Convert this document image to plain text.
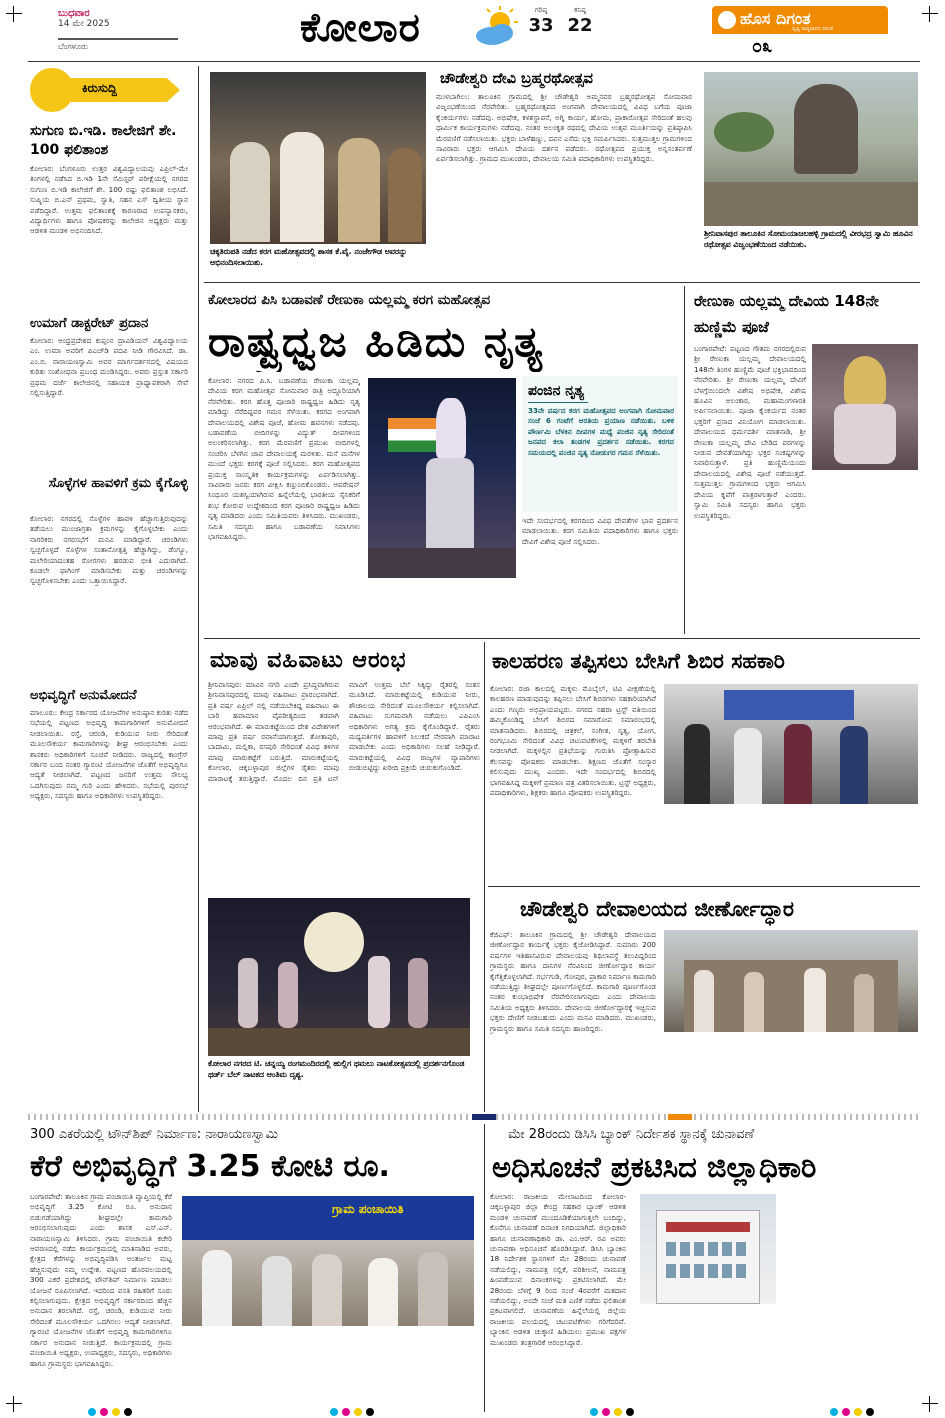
ಬುಧವಾರ
14 ಮೇ 2025
ಬೆಂಗಳೂರು	ಕೋಲಾರ	ಗರಿಷ್ಠ
33
ಕನಿಷ್ಠ
22	ಹೊಸ ದಿಗಂತ
ದೃಷ್ಟಿ ಸಾಧ್ಯವಾಗದ ದಿಗಂತ
೦೩
ಕಿರುಸುದ್ದಿ
ಸುಗುಣ ಬಿ.ಇಡಿ. ಕಾಲೇಜಿಗೆ ಶೇ. 100 ಫಲಿತಾಂಶ
ಕೋಲಾರ: ಬೆಂಗಳೂರು ಉತ್ತರ ವಿಶ್ವವಿದ್ಯಾಲಯವು ಎಪ್ರಿಲ್-ಮೇ ತಿಂಗಳಲ್ಲಿ ನಡೆಸಿದ ಬಿ.ಇಡಿ 1ನೇ ಸೆಮಿಸ್ಟರ್ ಪರೀಕ್ಷೆಯಲ್ಲಿ ನಗರದ ಸುಗುಣ ಬಿ.ಇಡಿ ಕಾಲೇಜಿಗೆ ಶೇ. 100 ರಷ್ಟು ಫಲಿತಾಂಶ ಲಭಿಸಿದೆ. ಸುಷ್ಮಿಯ ಬಿ.ಎನ್ ಪ್ರಥಮ, ಸ್ವಾತಿ, ಸಹನ ಎಸ್ ದ್ವಿತೀಯ ಸ್ಥಾನ ಪಡೆದಿದ್ದಾರೆ. ಉತ್ತಮ ಫಲಿತಾಂಶಕ್ಕೆ ಕಾರಣರಾದ ಉಪನ್ಯಾಸಕರು, ವಿದ್ಯಾರ್ಥಿಗಳು ಹಾಗೂ ಪೋಷಕರನ್ನು ಕಾಲೇಜಿನ ಅಧ್ಯಕ್ಷರು ಮತ್ತು ಆಡಳಿತ ಮಂಡಳಿ ಅಭಿನಂದಿಸಿದೆ.
ಉಮಾಗೆ ಡಾಕ್ಟರೇಟ್ ಪ್ರದಾನ
ಕೋಲಾರ: ಆಂಧ್ರಪ್ರದೇಶದ ಕುಪ್ಪಂನ ದ್ರಾವಿಡಿಯನ್ ವಿಶ್ವವಿದ್ಯಾಲಯ ಎಂ. ಉಮಾ ಅವರಿಗೆ ಪಿಎಚ್‌ಡಿ ಪದವಿ ನೀಡಿ ಗೌರವಿಸಿದೆ. ಡಾ. ಎಂ.ಬಿ. ನಾರಾಯಣಸ್ವಾಮಿ ಅವರ ಮಾರ್ಗದರ್ಶನದಲ್ಲಿ ವಿಷಯದ ಕುರಿತು ಸಂಶೋಧನಾ ಪ್ರಬಂಧ ಮಂಡಿಸಿದ್ದರು. ಅವರು ಪ್ರಸ್ತುತ ಸರ್ಕಾರಿ ಪ್ರಥಮ ದರ್ಜೆ ಕಾಲೇಜಿನಲ್ಲಿ ಸಹಾಯಕ ಪ್ರಾಧ್ಯಾಪಕರಾಗಿ ಸೇವೆ ಸಲ್ಲಿಸುತ್ತಿದ್ದಾರೆ.
ಸೊಳ್ಳೆಗಳ ಹಾವಳಿಗೆ ಕ್ರಮ ಕೈಗೊಳ್ಳಿ
ಕೋಲಾರ: ನಗರದಲ್ಲಿ ಸೊಳ್ಳೆಗಳ ಹಾವಳಿ ಹೆಚ್ಚಾಗುತ್ತಿರುವುದನ್ನು ತಡೆಯಲು ಮುಂಜಾಗ್ರತಾ ಕ್ರಮಗಳನ್ನು ಕೈಗೊಳ್ಳಬೇಕು ಎಂದು ನಾಗರಿಕರು ನಗರಸಭೆಗೆ ಮನವಿ ಮಾಡಿದ್ದಾರೆ. ಚರಂಡಿಗಳು ಸ್ವಚ್ಛಗೊಳ್ಳದೆ ಸೊಳ್ಳೆಗಳ ಸಂತಾನೋತ್ಪತ್ತಿ ಹೆಚ್ಚಾಗಿದ್ದು, ಡೆಂಗ್ಯೂ, ಮಲೇರಿಯಾದಂತಹ ರೋಗಗಳು ಹರಡುವ ಭೀತಿ ಎದುರಾಗಿದೆ. ಕೂಡಲೇ ಫಾಗಿಂಗ್ ಮಾಡಿಸಬೇಕು ಮತ್ತು ಚರಂಡಿಗಳನ್ನು ಸ್ವಚ್ಛಗೊಳಿಸಬೇಕು ಎಂದು ಒತ್ತಾಯಿಸಿದ್ದಾರೆ.
ಅಭಿವೃದ್ಧಿಗೆ ಅನುಮೋದನೆ
ಮಾಲೂರು: ಕೇಂದ್ರ ಸರ್ಕಾರದ ಯೋಜನೆಗಳ ಅನುಷ್ಠಾನ ಕುರಿತು ನಡೆದ ಸಭೆಯಲ್ಲಿ ಪಟ್ಟಣದ ಅಭಿವೃದ್ಧಿ ಕಾಮಗಾರಿಗಳಿಗೆ ಅನುಮೋದನೆ ನೀಡಲಾಯಿತು. ರಸ್ತೆ, ಚರಂಡಿ, ಕುಡಿಯುವ ನೀರು ಸೇರಿದಂತೆ ಮೂಲಸೌಕರ್ಯ ಕಾಮಗಾರಿಗಳನ್ನು ಶೀಘ್ರ ಆರಂಭಿಸಬೇಕು ಎಂದು ಶಾಸಕರು ಅಧಿಕಾರಿಗಳಿಗೆ ಸೂಚನೆ ನೀಡಿದರು. ರಾಜ್ಯದಲ್ಲಿ ಕಾಂಗ್ರೆಸ್ ಸರ್ಕಾರ ಬಂದ ನಂತರ ಗ್ಯಾರಂಟಿ ಯೋಜನೆಗಳ ಜೊತೆಗೆ ಅಭಿವೃದ್ಧಿಗೂ ಆದ್ಯತೆ ನೀಡಲಾಗಿದೆ. ಪಟ್ಟಣದ ಜನರಿಗೆ ಉತ್ತಮ ಸೌಲಭ್ಯ ಒದಗಿಸುವುದು ನಮ್ಮ ಗುರಿ ಎಂದು ಹೇಳಿದರು. ಸಭೆಯಲ್ಲಿ ಪುರಸಭೆ ಅಧ್ಯಕ್ಷರು, ಸದಸ್ಯರು ಹಾಗೂ ಅಧಿಕಾರಿಗಳು ಉಪಸ್ಥಿತರಿದ್ದರು.
ಚಿಕ್ಕತಿರುಪತಿ ನಡೆದ ಕರಗ ಮಹೋತ್ಸವದಲ್ಲಿ ಶಾಸಕ ಕೆ.ವೈ. ನಂಜೇಗೌಡ ಅವರನ್ನು ಅಭಿನಂದಿಸಲಾಯಿತು.
ಚೌಡೇಶ್ವರಿ ದೇವಿ ಬ್ರಹ್ಮರಥೋತ್ಸವ
ಮುಳಬಾಗಿಲು: ತಾಲೂಕಿನ ಗ್ರಾಮದಲ್ಲಿ ಶ್ರೀ ಚೌಡೇಶ್ವರಿ ಅಮ್ಮನವರ ಬ್ರಹ್ಮರಥೋತ್ಸವ ಸೋಮವಾರ ವಿಜೃಂಭಣೆಯಿಂದ ನೆರವೇರಿತು. ಬ್ರಹ್ಮರಥೋತ್ಸವದ ಅಂಗವಾಗಿ ದೇವಾಲಯದಲ್ಲಿ ವಿವಿಧ ಬಗೆಯ ಪೂಜಾ ಕೈಂಕರ್ಯಗಳು ನಡೆದವು. ಅಭಿಷೇಕ, ಕಳಶಸ್ಥಾಪನೆ, ಅಗ್ನಿ ಕಾರ್ಯ, ಹೋಮ, ಪ್ರಾಕಾರೋತ್ಸವ ಸೇರಿದಂತೆ ಹಲವು ಧಾರ್ಮಿಕ ಕಾರ್ಯಕ್ರಮಗಳು ನಡೆದವು. ನಂತರ ಅಲಂಕೃತ ರಥದಲ್ಲಿ ದೇವಿಯ ಉತ್ಸವ ಮೂರ್ತಿಯನ್ನು ಪ್ರತಿಷ್ಠಾಪಿಸಿ ಮೆರವಣಿಗೆ ನಡೆಸಲಾಯಿತು. ಭಕ್ತರು ಬಾಳೆಹಣ್ಣು, ದವನ ಎಸೆದು ಭಕ್ತಿ ಸಮರ್ಪಿಸಿದರು. ಸುತ್ತಮುತ್ತಲ ಗ್ರಾಮಗಳಿಂದ ಸಾವಿರಾರು ಭಕ್ತರು ಆಗಮಿಸಿ ದೇವಿಯ ದರ್ಶನ ಪಡೆದರು. ರಥೋತ್ಸವದ ಪ್ರಯುಕ್ತ ಅನ್ನಸಂತರ್ಪಣೆ ಏರ್ಪಡಿಸಲಾಗಿತ್ತು. ಗ್ರಾಮದ ಮುಖಂಡರು, ದೇವಾಲಯ ಸಮಿತಿ ಪದಾಧಿಕಾರಿಗಳು ಉಪಸ್ಥಿತರಿದ್ದರು.
ಶ್ರೀನಿವಾಸಪುರ ತಾಲೂಕಿನ ಸೋಮಯಾಜಲಹಳ್ಳಿ ಗ್ರಾಮದಲ್ಲಿ ವೀರಭದ್ರ ಸ್ವಾಮಿ ಹೂವಿನ ರಥೋತ್ಸವ ವಿಜೃಂಭಣೆಯಿಂದ ನಡೆಯಿತು.
ಕೋಲಾರದ ಪಿಸಿ ಬಡಾವಣೆ ರೇಣುಕಾ ಯಲ್ಲಮ್ಮ ಕರಗ ಮಹೋತ್ಸವ
ರಾಷ್ಟ್ರಧ್ವಜ ಹಿಡಿದು ನೃತ್ಯ
ಕೋಲಾರ: ನಗರದ ಪಿ.ಸಿ. ಬಡಾವಣೆಯ ರೇಣುಕಾ ಯಲ್ಲಮ್ಮ ದೇವಿಯ ಕರಗ ಮಹೋತ್ಸವ ಸೋಮವಾರ ರಾತ್ರಿ ಅದ್ದೂರಿಯಾಗಿ ನೆರವೇರಿತು. ಕರಗ ಹೊತ್ತ ಪೂಜಾರಿ ರಾಷ್ಟ್ರಧ್ವಜ ಹಿಡಿದು ನೃತ್ಯ ಮಾಡಿದ್ದು ನೆರೆದಿದ್ದವರ ಗಮನ ಸೆಳೆಯಿತು. ಕರಗದ ಅಂಗವಾಗಿ ದೇವಾಲಯದಲ್ಲಿ ವಿಶೇಷ ಪೂಜೆ, ಹೋಮ ಹವನಗಳು ನಡೆದವು. ಬಡಾವಣೆಯ ಬೀದಿಗಳನ್ನು ವಿದ್ಯುತ್ ದೀಪಗಳಿಂದ ಅಲಂಕರಿಸಲಾಗಿತ್ತು. ಕರಗ ಮೆರವಣಿಗೆ ಪ್ರಮುಖ ಬೀದಿಗಳಲ್ಲಿ ಸಂಚರಿಸಿ ಬೆಳಗಿನ ಜಾವ ದೇವಾಲಯಕ್ಕೆ ಮರಳಿತು. ಮನೆ ಮನೆಗಳ ಮುಂದೆ ಭಕ್ತರು ಕರಗಕ್ಕೆ ಪೂಜೆ ಸಲ್ಲಿಸಿದರು. ಕರಗ ಮಹೋತ್ಸವದ ಪ್ರಯುಕ್ತ ಸಾಂಸ್ಕೃತಿಕ ಕಾರ್ಯಕ್ರಮಗಳನ್ನು ಏರ್ಪಡಿಸಲಾಗಿತ್ತು. ಸಾವಿರಾರು ಜನರು ಕರಗ ವೀಕ್ಷಿಸಿ ಕಣ್ತುಂಬಿಕೊಂಡರು. ಆಪರೇಷನ್ ಸಿಂಧೂರ ಯಶಸ್ವಿಯಾಗಿರುವ ಹಿನ್ನೆಲೆಯಲ್ಲಿ ಭಾರತೀಯ ಸೈನಿಕರಿಗೆ ಶುಭ ಕೋರುವ ಉದ್ದೇಶದಿಂದ ಕರಗ ಪೂಜಾರಿ ರಾಷ್ಟ್ರಧ್ವಜ ಹಿಡಿದು ನೃತ್ಯ ಮಾಡಿದರು ಎಂದು ಸಮಿತಿಯವರು ತಿಳಿಸಿದರು. ಮುಖಂಡರು, ಸಮಿತಿ ಸದಸ್ಯರು ಹಾಗೂ ಬಡಾವಣೆಯ ನಿವಾಸಿಗಳು ಭಾಗವಹಿಸಿದ್ದರು.
ಪಂಜಿನ ನೃತ್ಯ
33ನೇ ವರ್ಷದ ಕರಗ ಮಹೋತ್ಸವದ ಅಂಗವಾಗಿ ಸೋಮವಾರ ಸಂಜೆ 6 ಗಂಟೆಗೆ ಆರತಿಯ ಪ್ರಯಾಣ ನಡೆಯಿತು. ಬಳಿಕ ಪೌರ್ಣಮಿ ಬೆಳಕಿನ ದೀಪಗಳ ಮಧ್ಯೆ ಪಂಜಿನ ನೃತ್ಯ ಸೇರಿದಂತೆ ಜನಪದ ಕಲಾ ತಂಡಗಳ ಪ್ರದರ್ಶನ ನಡೆಯಿತು. ಕರಗದ ಸಮಯದಲ್ಲಿ ಪಂಜಿನ ನೃತ್ಯ ನೋಡುಗರ ಗಮನ ಸೆಳೆಯಿತು.
ಇದೇ ಸಂದರ್ಭದಲ್ಲಿ ಕರಗದಿಂದ ವಿವಿಧ ದೇವತೆಗಳ ಭಾವ ಪ್ರದರ್ಶನ ಮಾಡಲಾಯಿತು. ಕರಗ ಸಮಿತಿಯ ಪದಾಧಿಕಾರಿಗಳು ಹಾಗೂ ಭಕ್ತರು ದೇವಿಗೆ ವಿಶೇಷ ಪೂಜೆ ಸಲ್ಲಿಸಿದರು.
ರೇಣುಕಾ ಯಲ್ಲಮ್ಮ ದೇವಿಯ 148ನೇ ಹುಣ್ಣಿಮೆ ಪೂಜೆ
ಬಂಗಾರಪೇಟೆ: ಪಟ್ಟಣದ ಗೌತಮ ನಗರದಲ್ಲಿರುವ ಶ್ರೀ ರೇಣುಕಾ ಯಲ್ಲಮ್ಮ ದೇವಾಲಯದಲ್ಲಿ 148ನೇ ತಿಂಗಳ ಹುಣ್ಣಿಮೆ ಪೂಜೆ ಭಕ್ತಿಭಾವದಿಂದ ನೆರವೇರಿತು. ಶ್ರೀ ರೇಣುಕಾ ಯಲ್ಲಮ್ಮ ದೇವಿಗೆ ಬೆಳಗ್ಗೆಯಿಂದಲೇ ವಿಶೇಷ ಅಭಿಷೇಕ, ವಿಶೇಷ ಹೂವಿನ ಅಲಂಕಾರ, ಮಹಾಮಂಗಳಾರತಿ ಅರ್ಪಿಸಲಾಯಿತು. ಪೂಜಾ ಕೈಂಕರ್ಯದ ನಂತರ ಭಕ್ತರಿಗೆ ಪ್ರಸಾದ ವಿನಿಯೋಗ ಮಾಡಲಾಯಿತು. ದೇವಾಲಯದ ಧರ್ಮದರ್ಶಿ ಮಾತನಾಡಿ, ಶ್ರೀ ರೇಣುಕಾ ಯಲ್ಲಮ್ಮ ದೇವಿ ಬೇಡಿದ ವರಗಳನ್ನು ನೀಡುವ ದೇವತೆಯಾಗಿದ್ದು ಭಕ್ತರ ಸಂಕಷ್ಟಗಳನ್ನು ನಿವಾರಿಸುತ್ತಾಳೆ. ಪ್ರತಿ ಹುಣ್ಣಿಮೆಯಂದು ದೇವಾಲಯದಲ್ಲಿ ವಿಶೇಷ ಪೂಜೆ ನಡೆಯುತ್ತದೆ. ಸುತ್ತಮುತ್ತಲ ಗ್ರಾಮಗಳಿಂದ ಭಕ್ತರು ಆಗಮಿಸಿ ದೇವಿಯ ಕೃಪೆಗೆ ಪಾತ್ರರಾಗುತ್ತಾರೆ ಎಂದರು. ಸ್ವಾಮಿ ಸಮಿತಿ ಸದಸ್ಯರು ಹಾಗೂ ಭಕ್ತರು ಉಪಸ್ಥಿತರಿದ್ದರು.
ಮಾವು ವಹಿವಾಟು ಆರಂಭ
ಶ್ರೀನಿವಾಸಪುರ: ಮಾವಿನ ನಗರಿ ಎಂದೇ ಪ್ರಸಿದ್ಧವಾಗಿರುವ ಶ್ರೀನಿವಾಸಪುರದಲ್ಲಿ ಮಾವು ವಹಿವಾಟು ಪ್ರಾರಂಭವಾಗಿದೆ. ಪ್ರತಿ ವರ್ಷ ಏಪ್ರಿಲ್ ನಲ್ಲಿ ನಡೆಯಬೇಕಿದ್ದ ವಹಿವಾಟು ಈ ಬಾರಿ ಹವಾಮಾನ ವೈಪರೀತ್ಯದಿಂದ ತಡವಾಗಿ ಆರಂಭವಾಗಿದೆ. ಈ ಮಾರುಕಟ್ಟೆಯಿಂದ ದೇಶ ವಿದೇಶಗಳಿಗೆ ಮಾವು ಪ್ರತಿ ವರ್ಷ ರವಾನೆಯಾಗುತ್ತದೆ. ತೋತಾಪುರಿ, ಬಾದಾಮಿ, ಮಲ್ಲಿಕಾ, ರಸಪುರಿ ಸೇರಿದಂತೆ ವಿವಿಧ ತಳಿಗಳ ಮಾವು ಮಾರುಕಟ್ಟೆಗೆ ಬರುತ್ತಿದೆ. ಮಾರುಕಟ್ಟೆಯಲ್ಲಿ ಕೋಲಾರ, ಚಿಕ್ಕಬಳ್ಳಾಪುರ ಜಿಲ್ಲೆಗಳ ರೈತರು ಮಾವು ಮಾರಾಟಕ್ಕೆ ತರುತ್ತಿದ್ದಾರೆ. ಮೊದಲ ದಿನ ಪ್ರತಿ ಟನ್ ಮಾವಿಗೆ ಉತ್ತಮ ಬೆಲೆ ಸಿಕ್ಕಿದ್ದು ರೈತರಲ್ಲಿ ಸಂತಸ ಮೂಡಿಸಿದೆ. ಮಾರುಕಟ್ಟೆಯಲ್ಲಿ ಕುಡಿಯುವ ನೀರು, ಶೌಚಾಲಯ ಸೇರಿದಂತೆ ಮೂಲಸೌಕರ್ಯ ಕಲ್ಪಿಸಲಾಗಿದೆ. ವಹಿವಾಟು ಸುಗಮವಾಗಿ ನಡೆಯಲು ಎಪಿಎಂಸಿ ಅಧಿಕಾರಿಗಳು ಅಗತ್ಯ ಕ್ರಮ ಕೈಗೊಂಡಿದ್ದಾರೆ. ರೈತರು ಮಧ್ಯವರ್ತಿಗಳ ಹಾವಳಿಗೆ ಸಿಲುಕದೆ ನೇರವಾಗಿ ಮಾರಾಟ ಮಾಡಬೇಕು ಎಂದು ಅಧಿಕಾರಿಗಳು ಸಲಹೆ ನೀಡಿದ್ದಾರೆ. ಮಾರುಕಟ್ಟೆಯಲ್ಲಿ ವಿವಿಧ ರಾಜ್ಯಗಳ ವ್ಯಾಪಾರಿಗಳು ಬೀಡುಬಿಟ್ಟಿದ್ದು ಖರೀದಿ ಪ್ರಕ್ರಿಯೆ ಚುರುಕುಗೊಂಡಿದೆ.
ಕೋಲಾರ ನಗರದ ಟಿ. ಚನ್ನಯ್ಯ ರಂಗಮಂದಿರದಲ್ಲಿ ಹುಲ್ಲಿಗ ಥಮಲು ನಾಟಕೋತ್ಸವದಲ್ಲಿ ಪ್ರದರ್ಶನಗೊಂಡ ಥರ್ಡ್ ಬೆಲ್ ನಾಟಕದ ಆಂತಿಮ ದೃಶ್ಯ.
ಕಾಲಹರಣ ತಪ್ಪಿಸಲು ಬೇಸಿಗೆ ಶಿಬಿರ ಸಹಕಾರಿ
ಕೋಲಾರ: ರಜಾ ಕಾಲದಲ್ಲಿ ಮಕ್ಕಳು ಮೊಬೈಲ್, ಟಿವಿ ವೀಕ್ಷಣೆಯಲ್ಲಿ ಕಾಲಹರಣ ಮಾಡುವುದನ್ನು ತಪ್ಪಿಸಲು ಬೇಸಿಗೆ ಶಿಬಿರಗಳು ಸಹಕಾರಿಯಾಗಿವೆ ಎಂದು ಗಣ್ಯರು ಅಭಿಪ್ರಾಯಪಟ್ಟರು. ನಗರದ ಸಹರಾ ಟ್ರಸ್ಟ್ ವತಿಯಿಂದ ಹಮ್ಮಿಕೊಂಡಿದ್ದ ಬೇಸಿಗೆ ಶಿಬಿರದ ಸಮಾರೋಪ ಸಮಾರಂಭದಲ್ಲಿ ಮಾತನಾಡಿದರು. ಶಿಬಿರದಲ್ಲಿ ಚಿತ್ರಕಲೆ, ಸಂಗೀತ, ನೃತ್ಯ, ಯೋಗ, ರಂಗಭೂಮಿ ಸೇರಿದಂತೆ ವಿವಿಧ ಚಟುವಟಿಕೆಗಳಲ್ಲಿ ಮಕ್ಕಳಿಗೆ ತರಬೇತಿ ನೀಡಲಾಗಿದೆ. ಮಕ್ಕಳಲ್ಲಿನ ಪ್ರತಿಭೆಯನ್ನು ಗುರುತಿಸಿ ಪ್ರೋತ್ಸಾಹಿಸುವ ಕೆಲಸವನ್ನು ಪೋಷಕರು ಮಾಡಬೇಕು. ಶಿಕ್ಷಣದ ಜೊತೆಗೆ ಸಂಸ್ಕಾರ ಕಲಿಸುವುದು ಮುಖ್ಯ ಎಂದರು. ಇದೇ ಸಂದರ್ಭದಲ್ಲಿ ಶಿಬಿರದಲ್ಲಿ ಭಾಗವಹಿಸಿದ್ದ ಮಕ್ಕಳಿಗೆ ಪ್ರಮಾಣ ಪತ್ರ ವಿತರಿಸಲಾಯಿತು. ಟ್ರಸ್ಟ್ ಅಧ್ಯಕ್ಷರು, ಪದಾಧಿಕಾರಿಗಳು, ಶಿಕ್ಷಕರು ಹಾಗೂ ಪೋಷಕರು ಉಪಸ್ಥಿತರಿದ್ದರು.
ಚೌಡೇಶ್ವರಿ ದೇವಾಲಯದ ಜೀರ್ಣೋದ್ಧಾರ
ಕೆಜಿಎಫ್: ತಾಲೂಕಿನ ಗ್ರಾಮದಲ್ಲಿ ಶ್ರೀ ಚೌಡೇಶ್ವರಿ ದೇವಾಲಯದ ಜೀರ್ಣೋದ್ಧಾರ ಕಾರ್ಯಕ್ಕೆ ಭಕ್ತರು ಕೈಜೋಡಿಸಿದ್ದಾರೆ. ಸುಮಾರು 200 ವರ್ಷಗಳ ಇತಿಹಾಸವಿರುವ ದೇವಾಲಯವು ಶಿಥಿಲಾವಸ್ಥೆ ತಲುಪಿದ್ದರಿಂದ ಗ್ರಾಮಸ್ಥರು ಹಾಗೂ ದಾನಿಗಳ ನೆರವಿನಿಂದ ಜೀರ್ಣೋದ್ಧಾರ ಕಾರ್ಯ ಕೈಗೆತ್ತಿಕೊಳ್ಳಲಾಗಿದೆ. ಗರ್ಭಗುಡಿ, ಗೋಪುರ, ಪ್ರಾಕಾರ ನಿರ್ಮಾಣ ಕಾಮಗಾರಿ ನಡೆಯುತ್ತಿದ್ದು ಶೀಘ್ರದಲ್ಲೇ ಪೂರ್ಣಗೊಳ್ಳಲಿದೆ. ಕಾಮಗಾರಿ ಪೂರ್ಣಗೊಂಡ ನಂತರ ಕುಂಭಾಭಿಷೇಕ ನೆರವೇರಿಸಲಾಗುವುದು ಎಂದು ದೇವಾಲಯ ಸಮಿತಿಯ ಅಧ್ಯಕ್ಷರು ತಿಳಿಸಿದರು. ದೇವಾಲಯ ಜೀರ್ಣೋದ್ಧಾರಕ್ಕೆ ಇಚ್ಛಿಸುವ ಭಕ್ತರು ದೇಣಿಗೆ ನೀಡಬಹುದು ಎಂದು ಮನವಿ ಮಾಡಿದರು. ಮುಖಂಡರು, ಗ್ರಾಮಸ್ಥರು ಹಾಗೂ ಸಮಿತಿ ಸದಸ್ಯರು ಹಾಜರಿದ್ದರು.
300 ಎಕರೆಯಲ್ಲಿ ಟೌನ್‌ಶಿಪ್ ನಿರ್ಮಾಣ: ನಾರಾಯಣಸ್ವಾಮಿ
ಕೆರೆ ಅಭಿವೃದ್ಧಿಗೆ 3.25 ಕೋಟಿ ರೂ.
ಬಂಗಾರಪೇಟೆ: ತಾಲೂಕಿನ ಗ್ರಾಮ ಪಂಚಾಯಿತಿ ವ್ಯಾಪ್ತಿಯಲ್ಲಿ ಕೆರೆ ಅಭಿವೃದ್ಧಿಗೆ 3.25 ಕೋಟಿ ರೂ. ಅನುದಾನ ಬಿಡುಗಡೆಯಾಗಿದ್ದು ಶೀಘ್ರದಲ್ಲೇ ಕಾಮಗಾರಿ ಆರಂಭಿಸಲಾಗುವುದು ಎಂದು ಶಾಸಕ ಎಸ್.ಎನ್. ನಾರಾಯಣಸ್ವಾಮಿ ತಿಳಿಸಿದರು. ಗ್ರಾಮ ಪಂಚಾಯಿತಿ ಕಚೇರಿ ಆವರಣದಲ್ಲಿ ನಡೆದ ಕಾರ್ಯಕ್ರಮದಲ್ಲಿ ಮಾತನಾಡಿದ ಅವರು, ಕ್ಷೇತ್ರದ ಕೆರೆಗಳನ್ನು ಅಭಿವೃದ್ಧಿಪಡಿಸಿ ಅಂತರ್ಜಲ ಮಟ್ಟ ಹೆಚ್ಚಿಸುವುದು ನಮ್ಮ ಉದ್ದೇಶ. ಪಟ್ಟಣದ ಹೊರವಲಯದಲ್ಲಿ 300 ಎಕರೆ ಪ್ರದೇಶದಲ್ಲಿ ಟೌನ್‌ಶಿಪ್ ನಿರ್ಮಾಣ ಮಾಡಲು ಯೋಜನೆ ರೂಪಿಸಲಾಗಿದೆ. ಇದರಿಂದ ವಸತಿ ರಹಿತರಿಗೆ ಸೂರು ಕಲ್ಪಿಸಲಾಗುವುದು. ಕ್ಷೇತ್ರದ ಅಭಿವೃದ್ಧಿಗೆ ಸರ್ಕಾರದಿಂದ ಹೆಚ್ಚಿನ ಅನುದಾನ ತರಲಾಗಿದೆ. ರಸ್ತೆ, ಚರಂಡಿ, ಕುಡಿಯುವ ನೀರು ಸೇರಿದಂತೆ ಮೂಲಸೌಕರ್ಯ ಒದಗಿಸಲು ಆದ್ಯತೆ ನೀಡಲಾಗಿದೆ. ಗ್ಯಾರಂಟಿ ಯೋಜನೆಗಳ ಜೊತೆಗೆ ಅಭಿವೃದ್ಧಿ ಕಾಮಗಾರಿಗಳಿಗೂ ಸರ್ಕಾರ ಅನುದಾನ ನೀಡುತ್ತಿದೆ. ಕಾರ್ಯಕ್ರಮದಲ್ಲಿ ಗ್ರಾಮ ಪಂಚಾಯಿತಿ ಅಧ್ಯಕ್ಷರು, ಉಪಾಧ್ಯಕ್ಷರು, ಸದಸ್ಯರು, ಅಧಿಕಾರಿಗಳು ಹಾಗೂ ಗ್ರಾಮಸ್ಥರು ಭಾಗವಹಿಸಿದ್ದರು.
ಗ್ರಾಮ ಪಂಚಾಯಿತಿ
ಮೇ 28ರಂದು ಡಿಸಿಸಿ ಬ್ಯಾಂಕ್ ನಿರ್ದೇಶಕ ಸ್ಥಾನಕ್ಕೆ ಚುನಾವಣೆ
ಅಧಿಸೂಚನೆ ಪ್ರಕಟಿಸಿದ ಜಿಲ್ಲಾಧಿಕಾರಿ
ಕೋಲಾರ: ರಾಜಕೀಯ ಮೇಲಾಟದಿಂದ ಕೋಲಾರ-ಚಿಕ್ಕಬಳ್ಳಾಪುರ ಜಿಲ್ಲಾ ಕೇಂದ್ರ ಸಹಕಾರ ಬ್ಯಾಂಕ್ ಆಡಳಿತ ಮಂಡಳಿ ಚುನಾವಣೆ ಮುಂದೂಡಿಕೆಯಾಗುತ್ತಲೇ ಬಂದಿದ್ದು, ಕೊನೆಗೂ ಚುನಾವಣೆ ದಿನಾಂಕ ನಿಗದಿಯಾಗಿದೆ. ಜಿಲ್ಲಾಧಿಕಾರಿ ಹಾಗೂ ಚುನಾವಣಾಧಿಕಾರಿ ಡಾ. ಎಂ.ಆರ್. ರವಿ ಅವರು ಚುನಾವಣಾ ಅಧಿಸೂಚನೆ ಹೊರಡಿಸಿದ್ದಾರೆ. ಡಿಸಿಸಿ ಬ್ಯಾಂಕಿನ 18 ನಿರ್ದೇಶಕ ಸ್ಥಾನಗಳಿಗೆ ಮೇ 28ರಂದು ಚುನಾವಣೆ ನಡೆಯಲಿದ್ದು, ನಾಮಪತ್ರ ಸಲ್ಲಿಕೆ, ಪರಿಶೀಲನೆ, ನಾಮಪತ್ರ ಹಿಂಪಡೆಯುವ ದಿನಾಂಕಗಳನ್ನು ಪ್ರಕಟಿಸಲಾಗಿದೆ. ಮೇ 28ರಂದು ಬೆಳಗ್ಗೆ 9 ರಿಂದ ಸಂಜೆ 4ರವರೆಗೆ ಮತದಾನ ನಡೆಯಲಿದ್ದು, ಅಂದೇ ಸಂಜೆ ಮತ ಎಣಿಕೆ ನಡೆದು ಫಲಿತಾಂಶ ಪ್ರಕಟವಾಗಲಿದೆ. ಚುನಾವಣೆಯ ಹಿನ್ನೆಲೆಯಲ್ಲಿ ಜಿಲ್ಲೆಯ ರಾಜಕೀಯ ವಲಯದಲ್ಲಿ ಚಟುವಟಿಕೆಗಳು ಗರಿಗೆದರಿವೆ. ಬ್ಯಾಂಕಿನ ಆಡಳಿತ ಚುಕ್ಕಾಣಿ ಹಿಡಿಯಲು ಪ್ರಮುಖ ಪಕ್ಷಗಳ ಮುಖಂಡರು ತಂತ್ರಗಾರಿಕೆ ಆರಂಭಿಸಿದ್ದಾರೆ.
